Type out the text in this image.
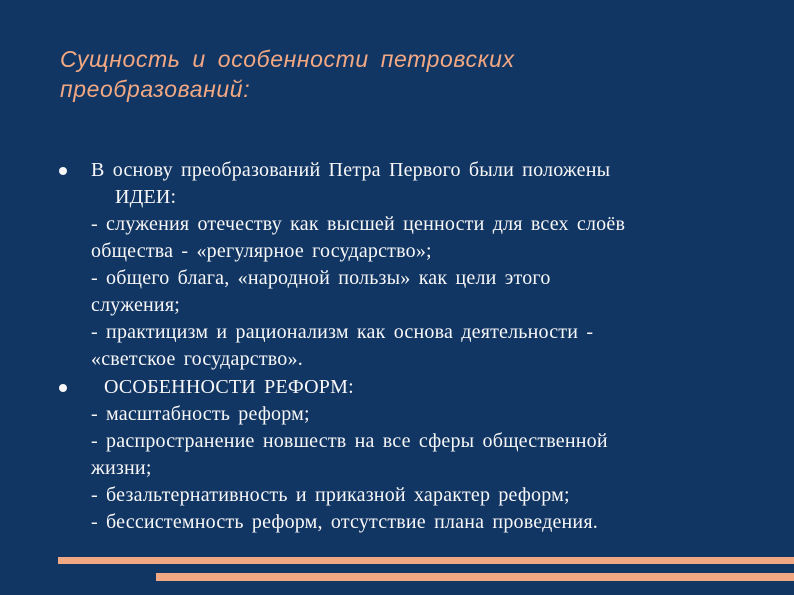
Сущность и особенности петровских
преобразований:
В основу преобразований Петра Первого были положены
ИДЕИ:
- служения отечеству как высшей ценности для всех слоёв
общества - «регулярное государство»;
- общего блага, «народной пользы» как цели этого
служения;
- практицизм и рационализм как основа деятельности -
«светское государство».
ОСОБЕННОСТИ РЕФОРМ:
- масштабность реформ;
- распространение новшеств на все сферы общественной
жизни;
- безальтернативность и приказной характер реформ;
- бессистемность реформ, отсутствие плана проведения.
